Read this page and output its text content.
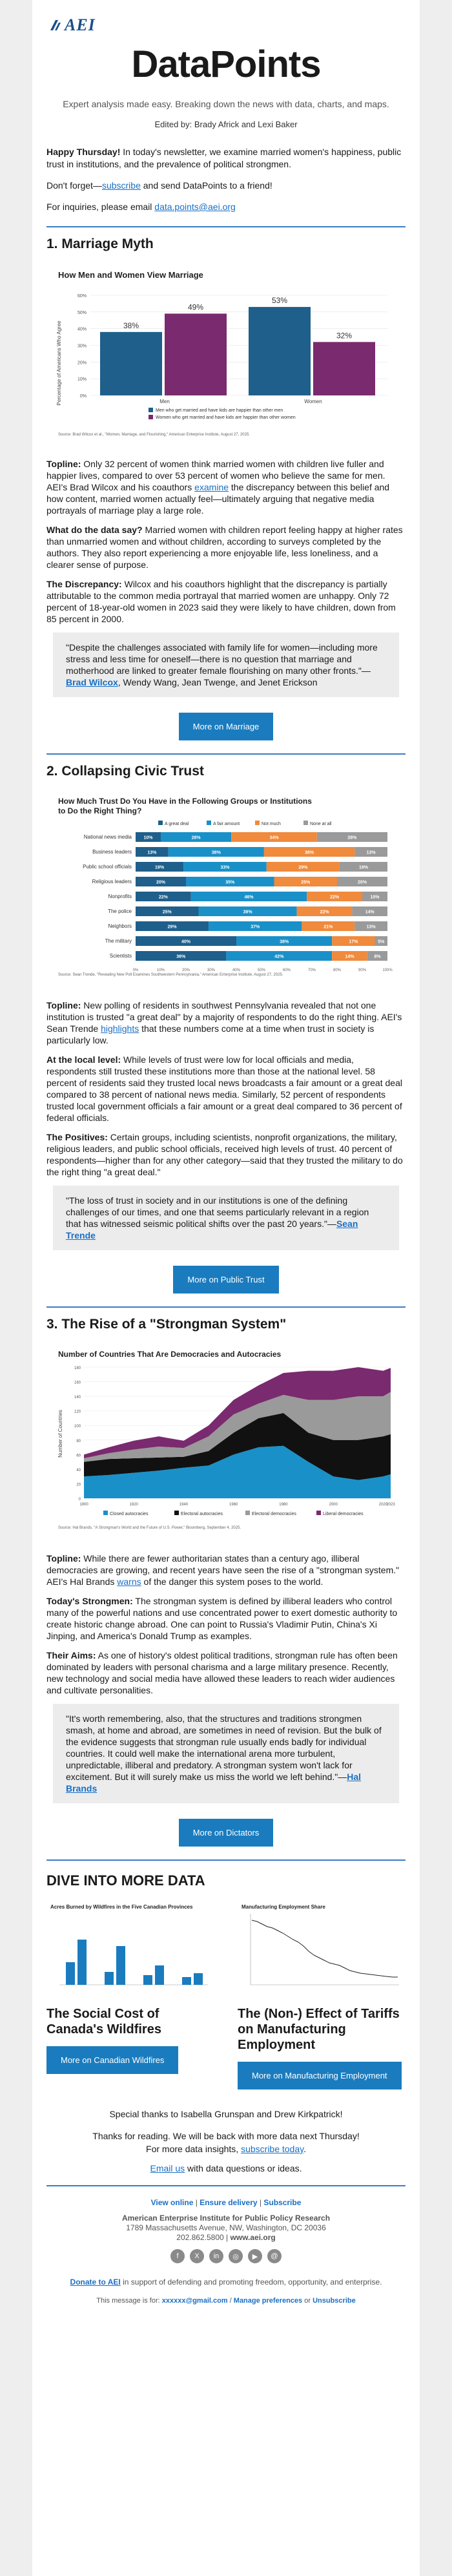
AEI
DataPoints
Expert analysis made easy. Breaking down the news with data, charts, and maps.
Edited by: Brady Africk and Lexi Baker

Happy Thursday! In today's newsletter, we examine married women's happiness, public trust in institutions, and the prevalence of political strongmen.

Don't forget—subscribe and send DataPoints to a friend!

For inquiries, please email data.points@aei.org

1. Marriage Myth
How Men and Women View Marriage
Percentage of Americans Who Agree	0%
10%
20%
30%
40%
50%
60%
38%
49%
Men
53%
32%
Women
Men who get married and have kids are happier than other men
Women who get married and have kids are happier than other women
Source: Brad Wilcox et al., "Women, Marriage, and Flourishing," American Enterprise Institute, August 27, 2025.

Topline: Only 32 percent of women think married women with children live fuller and happier lives, compared to over 53 percent of women who believe the same for men. AEI's Brad Wilcox and his coauthors examine the discrepancy between this belief and how content, married women actually feel—ultimately arguing that negative media portrayals of marriage play a large role.

What do the data say? Married women with children report feeling happy at higher rates than unmarried women and without children, according to surveys completed by the authors. They also report experiencing a more enjoyable life, less loneliness, and a clearer sense of purpose.

The Discrepancy: Wilcox and his coauthors highlight that the discrepancy is partially attributable to the common media portrayal that married women are unhappy. Only 72 percent of 18-year-old women in 2023 said they were likely to have children, down from 85 percent in 2000.

"Despite the challenges associated with family life for women—including more stress and less time for oneself—there is no question that marriage and motherhood are linked to greater female flourishing on many other fronts."—Brad Wilcox, Wendy Wang, Jean Twenge, and Jenet Erickson
More on Marriage
2. Collapsing Civic Trust
How Much Trust Do You Have in the Following Groups or Institutions
to Do the Right Thing?
A great deal	A fair amount	Not much	None at all
National news media	10%	28%	34%	28%
Business leaders	13%	38%	36%	13%
Public school officials	19%	33%	29%	19%
Religious leaders	20%	35%	25%	20%
Nonprofits	22%	46%	22%	10%
The police	25%	39%	22%	14%
Neighbors	29%	37%	21%	13%
The military	40%	38%	17%	5%
Scientists	36%	42%	14%	8%
0%	10%	20%	30%	40%	50%	60%	70%	80%	90%	100%
Source: Sean Trende, "Revealing New Poll Examines Southwestern Pennsylvania," American Enterprise Institute, August 27, 2025.

Topline: New polling of residents in southwest Pennsylvania revealed that not one institution is trusted "a great deal" by a majority of respondents to do the right thing. AEI's Sean Trende highlights that these numbers come at a time when trust in society is particularly low.

At the local level: While levels of trust were low for local officials and media, respondents still trusted these institutions more than those at the national level. 58 percent of residents said they trusted local news broadcasts a fair amount or a great deal compared to 38 percent of national news media. Similarly, 52 percent of respondents trusted local government officials a fair amount or a great deal compared to 36 percent of federal officials.

The Positives: Certain groups, including scientists, nonprofit organizations, the military, religious leaders, and public school officials, received high levels of trust. 40 percent of respondents—higher than for any other category—said that they trusted the military to do the right thing "a great deal."

"The loss of trust in society and in our institutions is one of the defining challenges of our times, and one that seems particularly relevant in a region that has witnessed seismic political shifts over the past 20 years."—Sean Trende
More on Public Trust
3. The Rise of a "Strongman System"
Number of Countries That Are Democracies and Autocracies
Number of Countries
0
20
40
60
80
100
120
140
160
180
1900	1920	1940	1960	1980	2000	2020
2023
Closed autocracies	Electoral autocracies	Electoral democracies	Liberal democracies
Source: Hal Brands, "A Strongman's World and the Future of U.S. Power," Bloomberg, September 4, 2025.

Topline: While there are fewer authoritarian states than a century ago, illiberal democracies are growing, and recent years have seen the rise of a "strongman system." AEI's Hal Brands warns of the danger this system poses to the world.

Today's Strongmen: The strongman system is defined by illiberal leaders who control many of the powerful nations and use concentrated power to exert domestic authority to create historic change abroad. One can point to Russia's Vladimir Putin, China's Xi Jinping, and America's Donald Trump as examples.

Their Aims: As one of history's oldest political traditions, strongman rule has often been dominated by leaders with personal charisma and a large military presence. Recently, new technology and social media have allowed these leaders to reach wider audiences and cultivate personalities.

"It's worth remembering, also, that the structures and traditions strongmen smash, at home and abroad, are sometimes in need of revision. But the bulk of the evidence suggests that strongman rule usually ends badly for individual countries. It could well make the international arena more turbulent, unpredictable, illiberal and predatory. A strongman system won't lack for excitement. But it will surely make us miss the world we left behind."—Hal Brands
More on Dictators
DIVE INTO MORE DATA
Acres Burned by Wildfires in the Five Canadian Provinces
The Social Cost of Canada's Wildfires
More on Canadian Wildfires
Manufacturing Employment Share
The (Non-) Effect of Tariffs on Manufacturing Employment
More on Manufacturing Employment

Special thanks to Isabella Grunspan and Drew Kirkpatrick!

Thanks for reading. We will be back with more data next Thursday!

For more data insights, subscribe today.

Email us with data questions or ideas.

View online | Ensure delivery | Subscribe
American Enterprise Institute for Public Policy Research
1789 Massachusetts Avenue, NW, Washington, DC 20036
202.862.5800 | www.aei.org
f	X	in	◎	▶	@
Donate to AEI in support of defending and promoting freedom, opportunity, and enterprise.
This message is for: xxxxxx@gmail.com / Manage preferences or Unsubscribe
